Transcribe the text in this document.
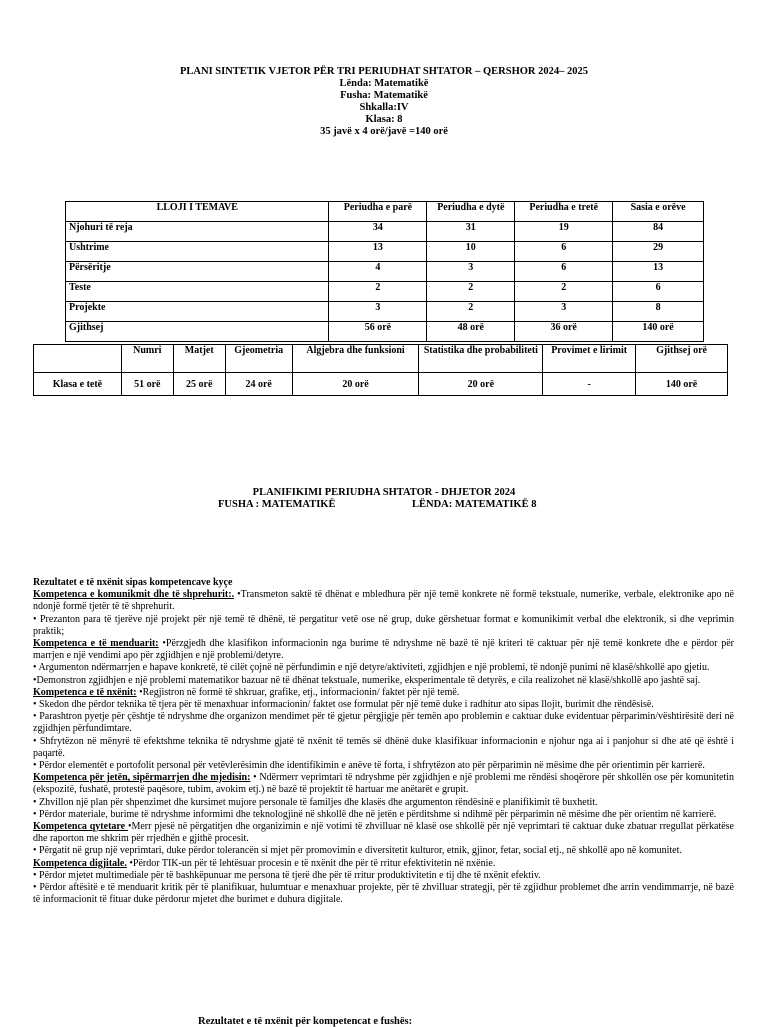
PLANI SINTETIK VJETOR PËR TRI PERIUDHAT SHTATOR – QERSHOR 2024– 2025
Lënda: Matematikë
Fusha: Matematikë
Shkalla:IV
Klasa: 8
35 javë x 4 orë/javë =140 orë
LLOJI I TEMAVE	Periudha e parë	Periudha e dytë	Periudha e tretë	Sasia e orëve
Njohuri të reja	34	31	19	84
Ushtrime	13	10	6	29
Përsëritje	4	3	6	13
Teste	2	2	2	6
Projekte	3	2	3	8
Gjithsej	56 orë	48 orë	36 orë	140 orë
	Numri	Matjet	Gjeometria	Algjebra dhe funksioni	Statistika dhe probabiliteti	Provimet e lirimit	Gjithsej orë
Klasa e tetë	51 orë	25 orë	24 orë	20 orë	20 orë	-	140 orë
PLANIFIKIMI PERIUDHA SHTATOR - DHJETOR 2024
FUSHA : MATEMATIKË	LËNDA: MATEMATIKË 8

Rezultatet e të nxënit sipas kompetencave kyçe

Kompetenca e komunikmit dhe të shprehurit:. •Transmeton saktë të dhënat e mbledhura për një temë konkrete në formë tekstuale, numerike, verbale, elektronike apo në ndonjë formë tjetër të të shprehurit.

• Prezanton para të tjerëve një projekt për një temë të dhënë, të pergatitur vetë ose në grup, duke gërshetuar format e komunikimit verbal dhe elektronik, si dhe veprimin praktik;

Kompetenca e të menduarit: •Përzgjedh dhe klasifikon informacionin nga burime të ndryshme në bazë të një kriteri të caktuar për një temë konkrete dhe e përdor për marrjen e një vendimi apo për zgjidhjen e një problemi/detyre.

• Argumenton ndërmarrjen e hapave konkretë, të cilët çojnë në përfundimin e një detyre/aktiviteti, zgjidhjen e një problemi, të ndonjë punimi në klasë/shkollë apo gjetiu.

•Demonstron zgjidhjen e një problemi matematikor bazuar në të dhënat tekstuale, numerike, eksperimentale të detyrës, e cila realizohet në klasë/shkollë apo jashtë saj.

Kompetenca e të nxënit: •Regjistron në formë të shkruar, grafike, etj., informacionin/ faktet për një temë.

• Skedon dhe përdor teknika të tjera për të menaxhuar informacionin/ faktet ose formulat për një temë duke i radhitur ato sipas llojit, burimit dhe rëndësisë.

• Parashtron pyetje për çështje të ndryshme dhe organizon mendimet për të gjetur përgjigje për temën apo problemin e caktuar duke evidentuar përparimin/vështirësitë deri në zgjidhjen përfundimtare.

• Shfrytëzon në mënyrë të efektshme teknika të ndryshme gjatë të nxënit të temës së dhënë duke klasifikuar informacionin e njohur nga ai i panjohur si dhe atë që është i paqartë.

• Përdor elementët e portofolit personal për vetëvlerësimin dhe identifikimin e anëve të forta, i shfrytëzon ato për përparimin në mësime dhe për orientimin për karrierë.

Kompetenca për jetën, sipërmarrjen dhe mjedisin: • Ndërmerr veprimtari të ndryshme për zgjidhjen e një problemi me rëndësi shoqërore për shkollën ose për komunitetin (ekspozitë, fushatë, protestë paqësore, tubim, avokim etj.) në bazë të projektit të hartuar me anëtarët e grupit.

• Zhvillon një plan për shpenzimet dhe kursimet mujore personale të familjes dhe klasës dhe argumenton rëndësinë e planifikimit të buxhetit.

• Përdor materiale, burime të ndryshme informimi dhe teknologjinë në shkollë dhe në jetën e përditshme si ndihmë për përparimin në mësime dhe për orientim në karrierë.

Kompetenca qytetare •Merr pjesë në përgatitjen dhe organizimin e një votimi të zhvilluar në klasë ose shkollë për një veprimtari të caktuar duke zbatuar rregullat përkatëse dhe raporton me shkrim për rrjedhën e gjithë procesit.

• Përgatit në grup një veprimtari, duke përdor tolerancën si mjet për promovimin e diversitetit kulturor, etnik, gjinor, fetar, social etj., në shkollë apo në komunitet.

Kompetenca digjitale. •Përdor TIK-un për të lehtësuar procesin e të nxënit dhe për të rritur efektivitetin në nxënie.

• Përdor mjetet multimediale për të bashkëpunuar me persona të tjerë dhe për të rritur produktivitetin e tij dhe të nxënit efektiv.

• Përdor aftësitë e të menduarit kritik për të planifikuar, hulumtuar e menaxhuar projekte, për të zhvilluar strategji, për të zgjidhur problemet dhe arrin vendimmarrje, në bazë të informacionit të fituar duke përdorur mjetet dhe burimet e duhura digjitale.

Rezultatet e të nxënit për kompetencat e fushës:
